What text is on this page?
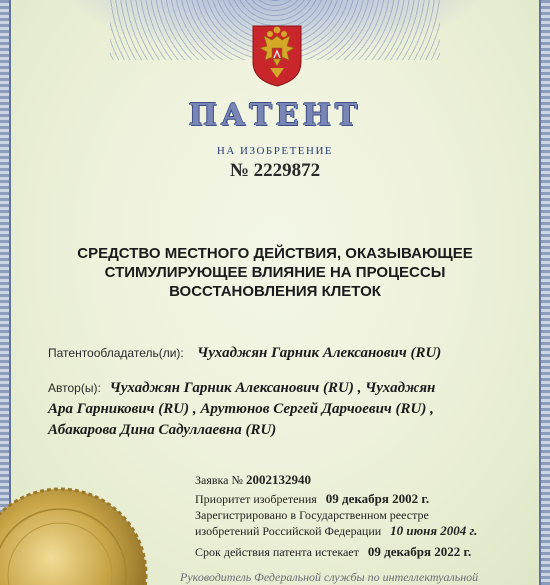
ПАТЕНТ
НА ИЗОБРЕТЕНИЕ
№ 2229872
СРЕДСТВО МЕСТНОГО ДЕЙСТВИЯ, ОКАЗЫВАЮЩЕЕ
СТИМУЛИРУЮЩЕЕ ВЛИЯНИЕ НА ПРОЦЕССЫ
ВОССТАНОВЛЕНИЯ КЛЕТОК
Патентообладатель(ли): Чухаджян Гарник Алексанович (RU)
Автор(ы): Чухаджян Гарник Алексанович (RU) , Чухаджян
Ара Гарникович (RU) , Арутюнов Сергей Дарчоевич (RU) ,
Абакарова Дина Садуллаевна (RU)
Заявка № 2002132940
Приоритет изобретения 09 декабря 2002 г.
Зарегистрировано в Государственном реестре
изобретений Российской Федерации 10 июня 2004 г.
Срок действия патента истекает 09 декабря 2022 г.
Руководитель Федеральной службы по интеллектуальной
